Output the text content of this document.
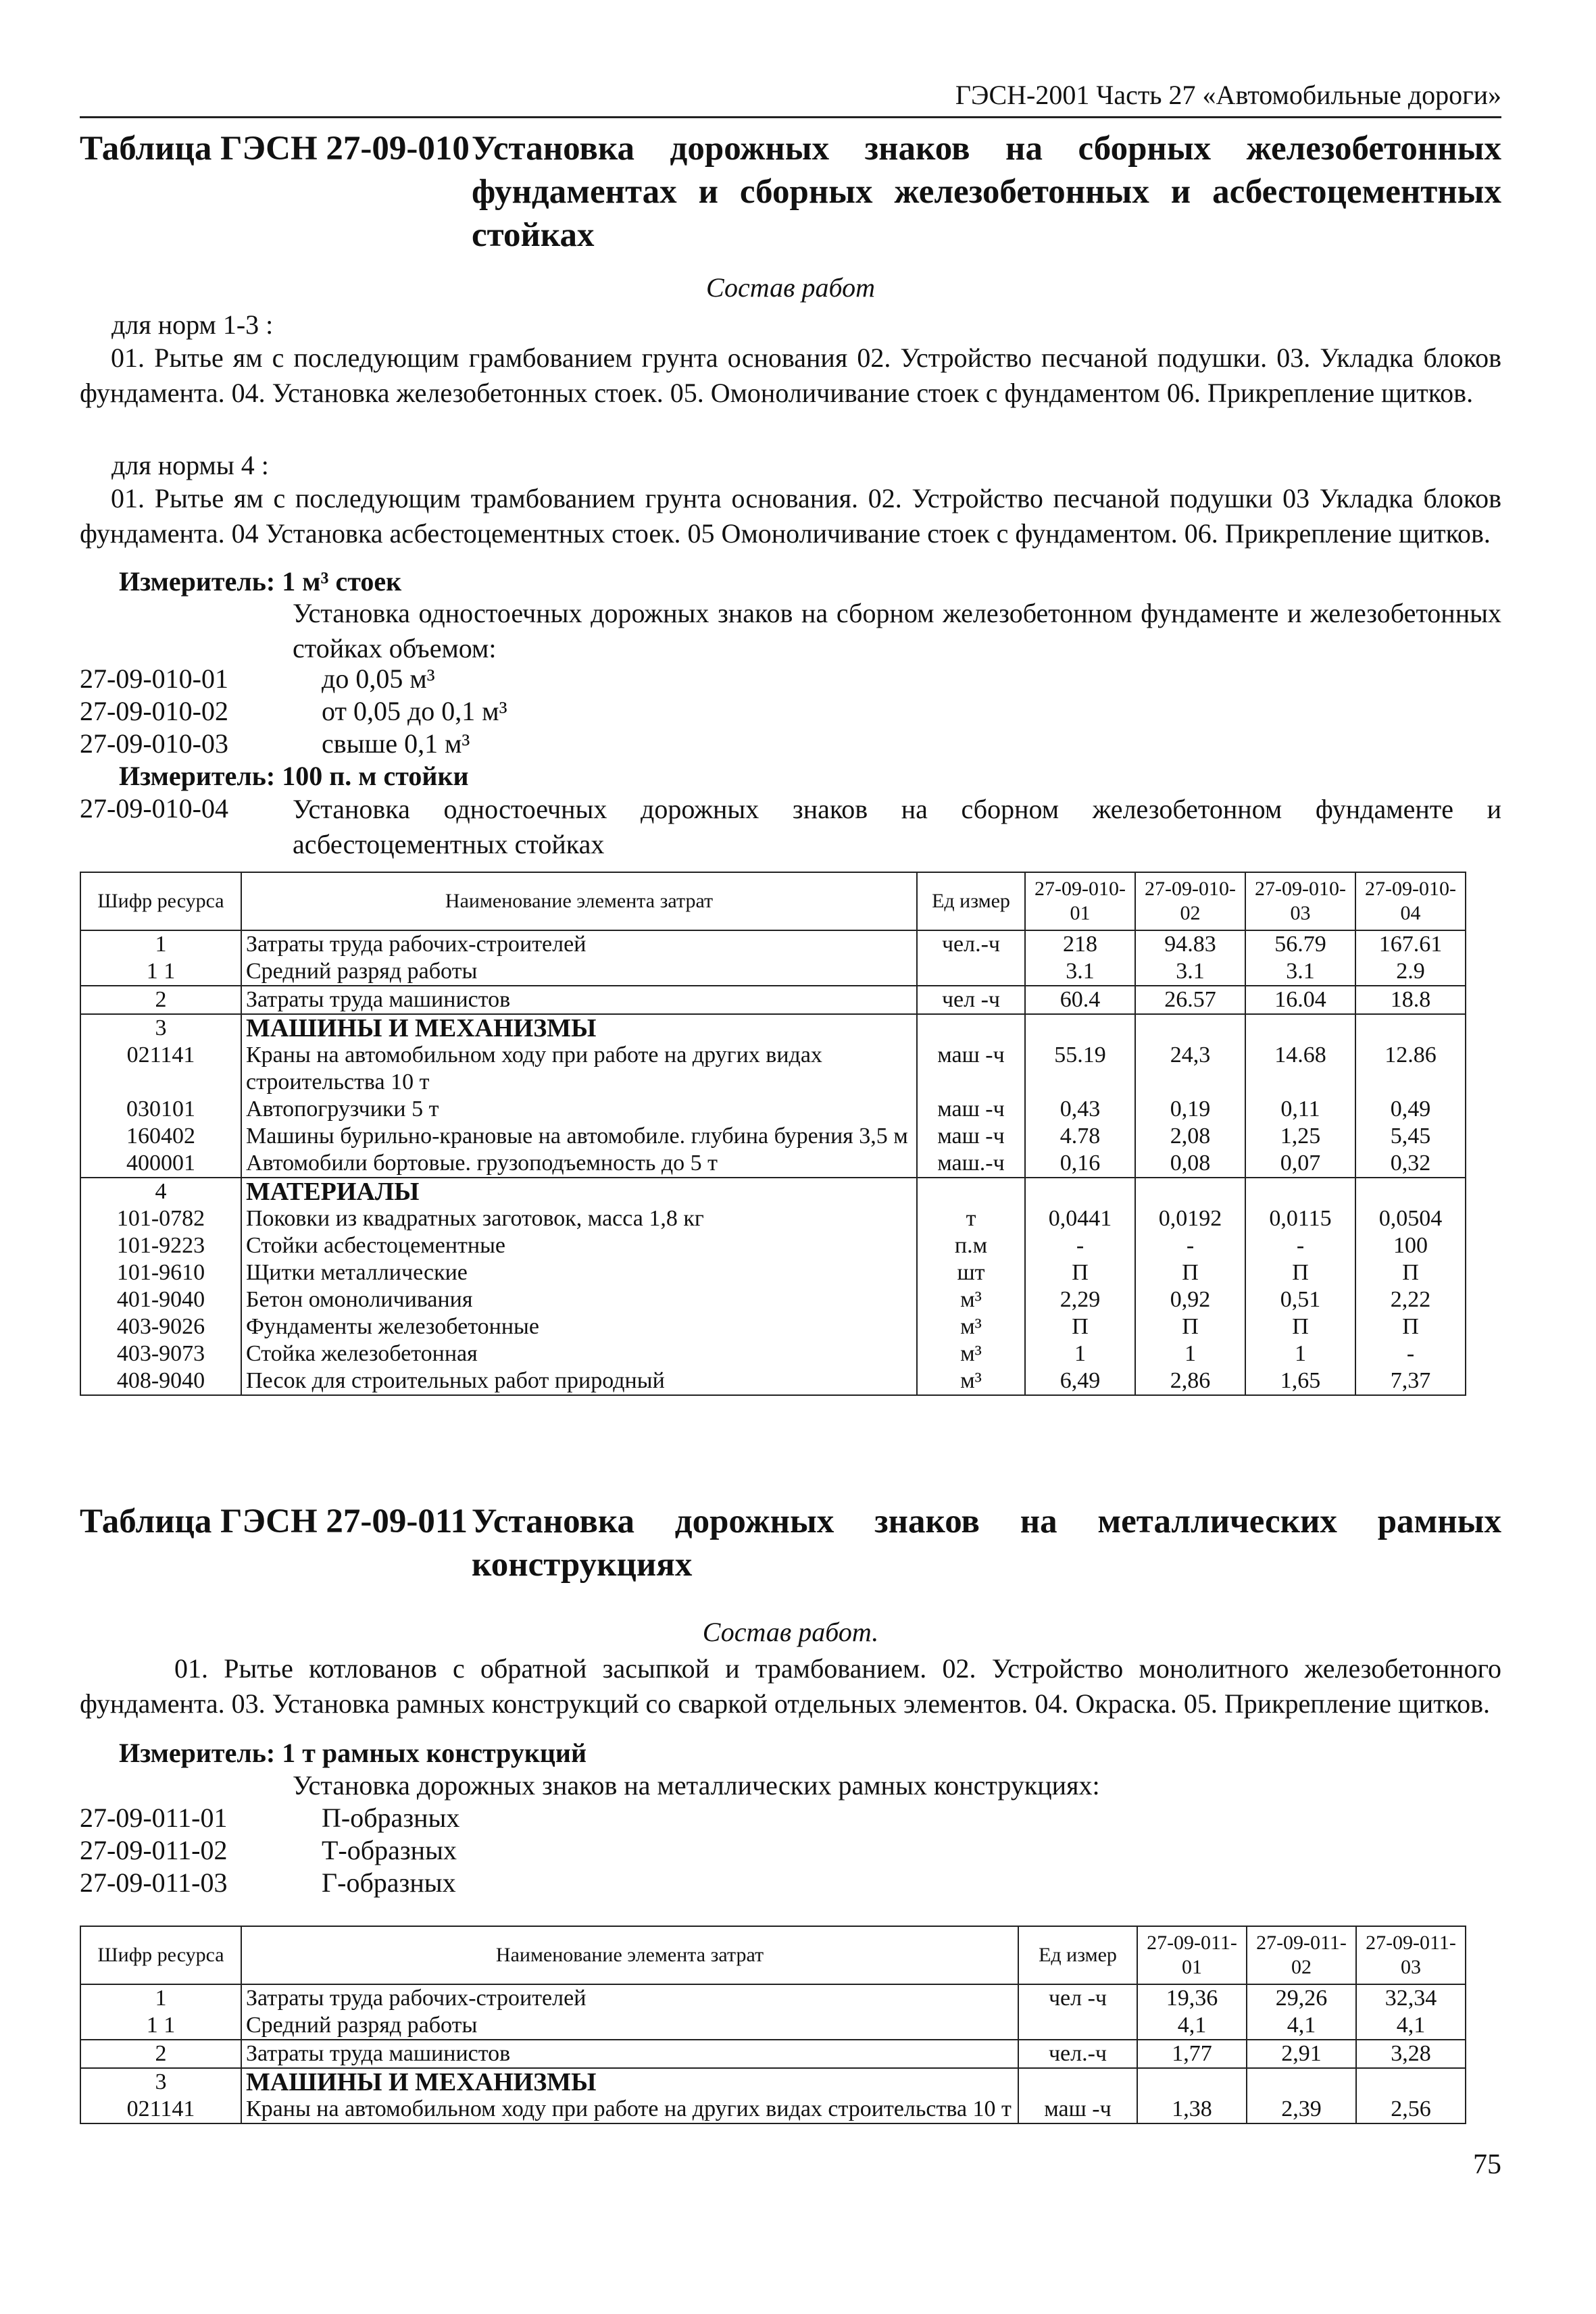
ГЭСН-2001 Часть 27 «Автомобильные дороги»
Таблица ГЭСН 27-09-010 Установка дорожных знаков на сборных железобетонных фундаментах и сборных железобетонных и асбестоцементных стойках
Состав работ
для норм 1-3 :
01. Рытье ям с последующим грамбованием грунта основания 02. Устройство песчаной подушки. 03. Укладка блоков фундамента. 04. Установка железобетонных стоек. 05. Омоноличивание стоек с фундаментом 06. Прикрепление щитков.
для нормы 4 :
01. Рытье ям с последующим трамбованием грунта основания. 02. Устройство песчаной подушки 03 Укладка блоков фундамента. 04 Установка асбестоцементных стоек. 05 Омоноличивание стоек с фундаментом. 06. Прикрепление щитков.
Измеритель: 1 м³ стоек
Установка одностоечных дорожных знаков на сборном железобетонном фундаменте и железобетонных стойках объемом:
27-09-010-01	до 0,05 м³
27-09-010-02	от 0,05 до 0,1 м³
27-09-010-03	свыше 0,1 м³
Измеритель: 100 п. м стойки
27-09-010-04 Установка одностоечных дорожных знаков на сборном железобетонном фундаменте и асбестоцементных стойках
Шифр ресурса	Наименование элемента затрат	Ед измер	27-09-010-01	27-09-010-02	27-09-010-03	27-09-010-04
1	Затраты труда рабочих-строителей	чел.-ч	218	94.83	56.79	167.61
1 1	Средний разряд работы		3.1	3.1	3.1	2.9
2	Затраты труда машинистов	чел -ч	60.4	26.57	16.04	18.8
3	МАШИНЫ И МЕХАНИЗМЫ					
021141	Краны на автомобильном ходу при работе на других видах строительства 10 т	маш -ч	55.19	24,3	14.68	12.86
030101	Автопогрузчики 5 т	маш -ч	0,43	0,19	0,11	0,49
160402	Машины бурильно-крановые на автомобиле. глубина бурения 3,5 м	маш -ч	4.78	2,08	1,25	5,45
400001	Автомобили бортовые. грузоподъемность до 5 т	маш.-ч	0,16	0,08	0,07	0,32
4	МАТЕРИАЛЫ					
101-0782	Поковки из квадратных заготовок, масса 1,8 кг	т	0,0441	0,0192	0,0115	0,0504
101-9223	Стойки асбестоцементные	п.м	-	-	-	100
101-9610	Щитки металлические	шт	П	П	П	П
401-9040	Бетон омоноличивания	м³	2,29	0,92	0,51	2,22
403-9026	Фундаменты железобетонные	м³	П	П	П	П
403-9073	Стойка железобетонная	м³	1	1	1	-
408-9040	Песок для строительных работ природный	м³	6,49	2,86	1,65	7,37
Таблица ГЭСН 27-09-011 Установка дорожных знаков на металлических рамных конструкциях
Состав работ.
01. Рытье котлованов с обратной засыпкой и трамбованием. 02. Устройство монолитного железобетонного фундамента. 03. Установка рамных конструкций со сваркой отдельных элементов. 04. Окраска. 05. Прикрепление щитков.
Измеритель: 1 т рамных конструкций
Установка дорожных знаков на металлических рамных конструкциях:
27-09-011-01	П-образных
27-09-011-02	Т-образных
27-09-011-03	Г-образных
Шифр ресурса	Наименование элемента затрат	Ед измер	27-09-011-01	27-09-011-02	27-09-011-03
1	Затраты труда рабочих-строителей	чел -ч	19,36	29,26	32,34
1 1	Средний разряд работы		4,1	4,1	4,1
2	Затраты труда машинистов	чел.-ч	1,77	2,91	3,28
3	МАШИНЫ И МЕХАНИЗМЫ				
021141	Краны на автомобильном ходу при работе на других видах строительства 10 т	маш -ч	1,38	2,39	2,56
75
